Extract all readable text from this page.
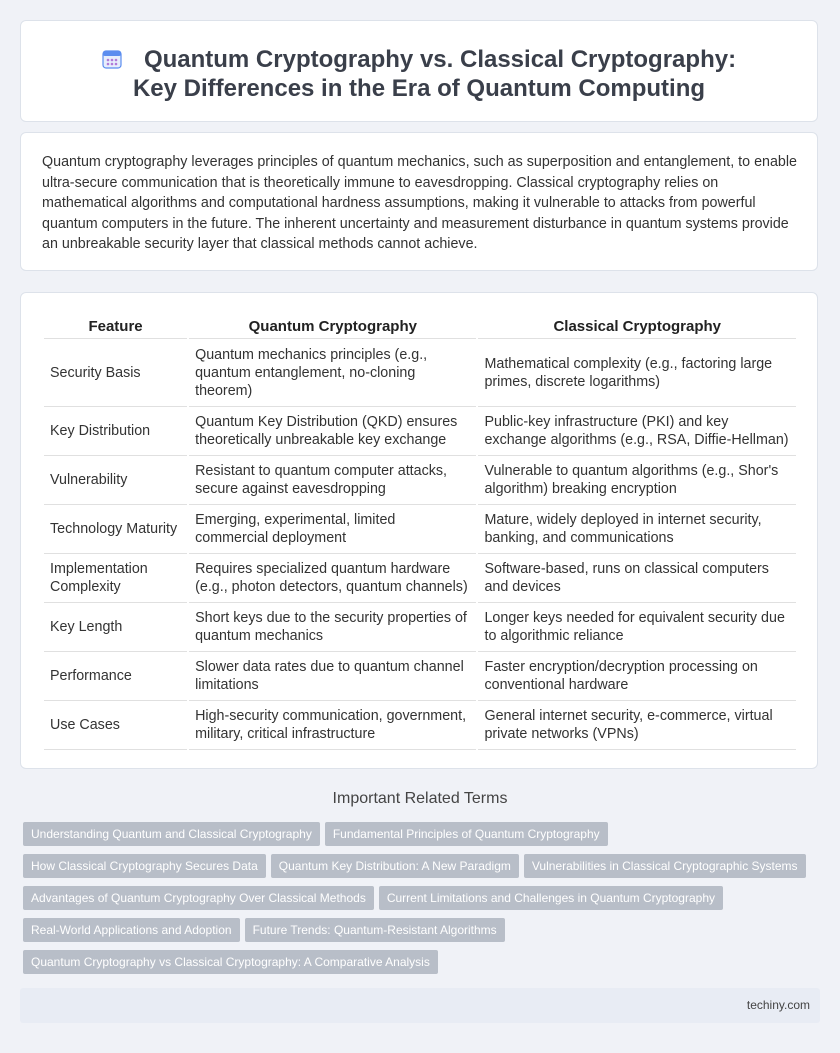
Quantum Cryptography vs. Classical Cryptography: Key Differences in the Era of Quantum Computing
Quantum cryptography leverages principles of quantum mechanics, such as superposition and entanglement, to enable ultra-secure communication that is theoretically immune to eavesdropping. Classical cryptography relies on mathematical algorithms and computational hardness assumptions, making it vulnerable to attacks from powerful quantum computers in the future. The inherent uncertainty and measurement disturbance in quantum systems provide an unbreakable security layer that classical methods cannot achieve.
Feature	Quantum Cryptography	Classical Cryptography
Security Basis	Quantum mechanics principles (e.g., quantum entanglement, no-cloning theorem)	Mathematical complexity (e.g., factoring large primes, discrete logarithms)
Key Distribution	Quantum Key Distribution (QKD) ensures theoretically unbreakable key exchange	Public-key infrastructure (PKI) and key exchange algorithms (e.g., RSA, Diffie-Hellman)
Vulnerability	Resistant to quantum computer attacks, secure against eavesdropping	Vulnerable to quantum algorithms (e.g., Shor's algorithm) breaking encryption
Technology Maturity	Emerging, experimental, limited commercial deployment	Mature, widely deployed in internet security, banking, and communications
Implementation Complexity	Requires specialized quantum hardware (e.g., photon detectors, quantum channels)	Software-based, runs on classical computers and devices
Key Length	Short keys due to the security properties of quantum mechanics	Longer keys needed for equivalent security due to algorithmic reliance
Performance	Slower data rates due to quantum channel limitations	Faster encryption/decryption processing on conventional hardware
Use Cases	High-security communication, government, military, critical infrastructure	General internet security, e-commerce, virtual private networks (VPNs)
Important Related Terms
Understanding Quantum and Classical Cryptography Fundamental Principles of Quantum Cryptography
How Classical Cryptography Secures Data Quantum Key Distribution: A New Paradigm Vulnerabilities in Classical Cryptographic Systems
Advantages of Quantum Cryptography Over Classical Methods Current Limitations and Challenges in Quantum Cryptography
Real-World Applications and Adoption Future Trends: Quantum-Resistant Algorithms
Quantum Cryptography vs Classical Cryptography: A Comparative Analysis
techiny.com
